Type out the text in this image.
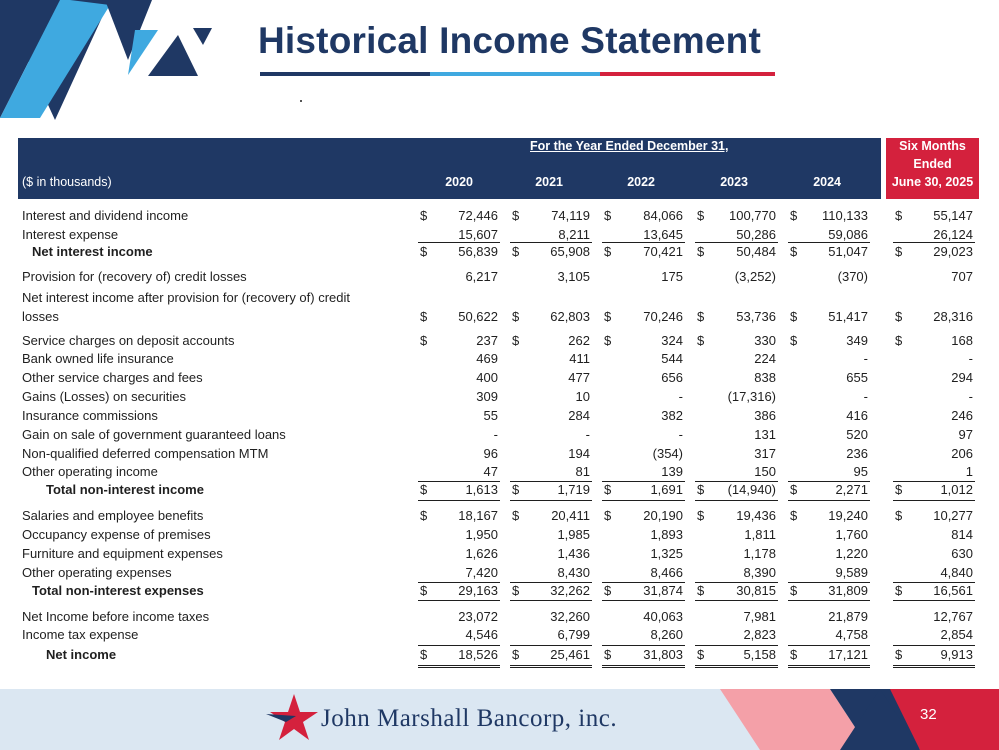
Historical Income Statement
For the Year Ended December 31,
($ in thousands)	2020	2021	2022	2023	2024
Six Months
Ended
June 30, 2025
Interest and dividend income	$	72,446 $	74,119 $	84,066 $	100,770 $	110,133 $	55,147
Interest expense	15,607	8,211	13,645	50,286	59,086	26,124
Net interest income	$	56,839 $	65,908 $	70,421 $	50,484 $	51,047 $	29,023
Provision for (recovery of) credit losses	6,217	3,105	175	(3,252)	(370)	707
Net interest income after provision for (recovery of) credit
losses	$	50,622 $	62,803 $	70,246 $	53,736 $	51,417 $	28,316
Service charges on deposit accounts	$	237 $	262 $	324 $	330 $	349 $	168
Bank owned life insurance	469	411	544	224	-	-
Other service charges and fees	400	477	656	838	655	294
Gains (Losses) on securities	309	10	-	(17,316)	-	-
Insurance commissions	55	284	382	386	416	246
Gain on sale of government guaranteed loans	-	-	-	131	520	97
Non-qualified deferred compensation MTM	96	194	(354)	317	236	206
Other operating income	47	81	139	150	95	1
Total non-interest income	$	1,613 $	1,719 $	1,691 $	(14,940) $	2,271 $	1,012
Salaries and employee benefits	$	18,167 $	20,411 $	20,190 $	19,436 $	19,240 $	10,277
Occupancy expense of premises	1,950	1,985	1,893	1,811	1,760	814
Furniture and equipment expenses	1,626	1,436	1,325	1,178	1,220	630
Other operating expenses	7,420	8,430	8,466	8,390	9,589	4,840
Total non-interest expenses	$	29,163 $	32,262 $	31,874 $	30,815 $	31,809 $	16,561
Net Income before income taxes	23,072	32,260	40,063	7,981	21,879	12,767
Income tax expense	4,546	6,799	8,260	2,823	4,758	2,854
Net income	$	18,526 $	25,461 $	31,803 $	5,158 $	17,121 $	9,913
John Marshall Bancorp, inc.	32
